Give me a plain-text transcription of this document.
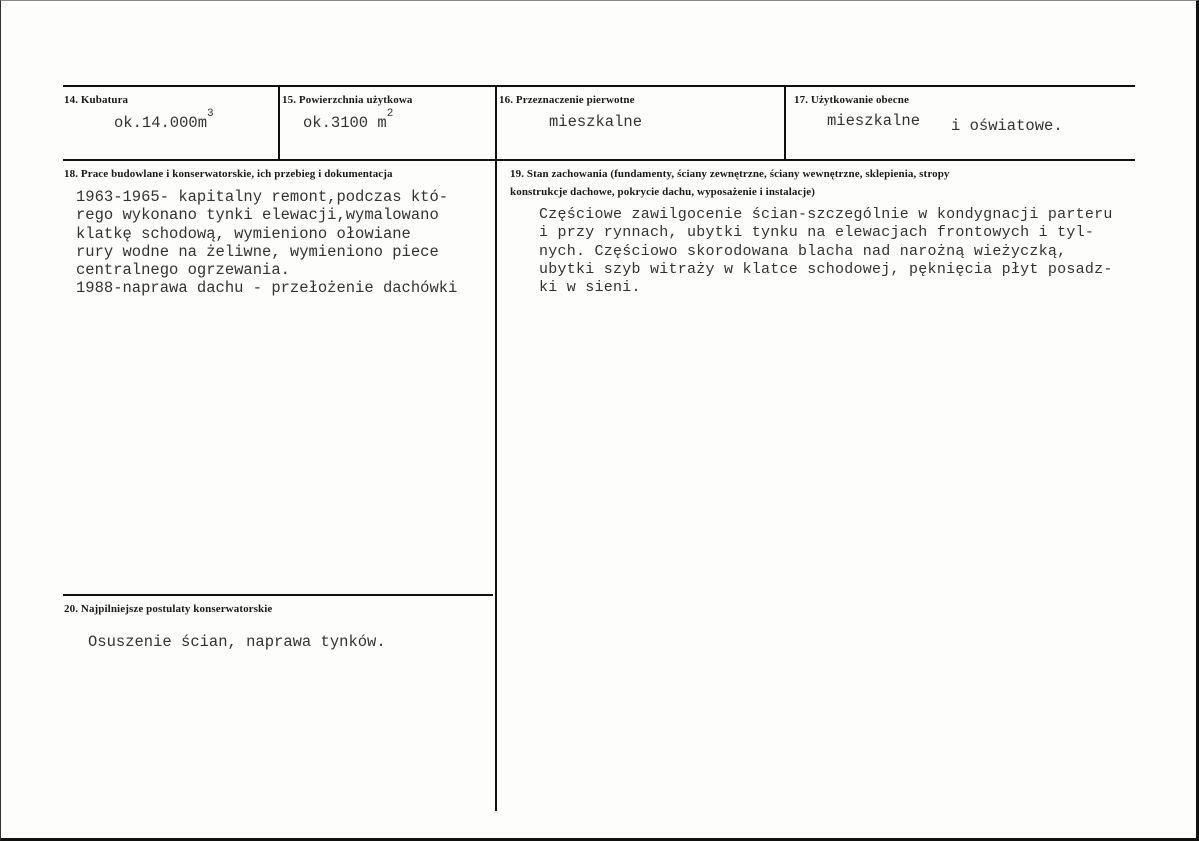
14. Kubatura
$ok.14.000m^3$
15. Powierzchnia użytkowa
ok.3100 $m^2$
16. Przeznaczenie pierwotne
mieszkalne
17. Użytkowanie obecne
mieszkalne i oświatowe.
18. Prace budowlane i konserwatorskie, ich przebieg i dokumentacja
1963-1965- kapitalny remont,podczas któ-
rego wykonano tynki elewacji,wymalowano
klatkę schodową, wymieniono ołowiane
rury wodne na żeliwne, wymieniono piece
centralnego ogrzewania.
1988-naprawa dachu - przełożenie dachówki
19. Stan zachowania (fundamenty, ściany zewnętrzne, ściany wewnętrzne, sklepienia, stropy
konstrukcje dachowe, pokrycie dachu, wyposażenie i instalacje)
Częściowe zawilgocenie ścian-szczególnie w kondygnacji parteru
i przy rynnach, ubytki tynku na elewacjach frontowych i tyl-
nych. Częściowo skorodowana blacha nad narożną wieżyczką,
ubytki szyb witraży w klatce schodowej, pęknięcia płyt posadz-
ki w sieni.
20. Najpilniejsze postulaty konserwatorskie
Osuszenie ścian, naprawa tynków.
